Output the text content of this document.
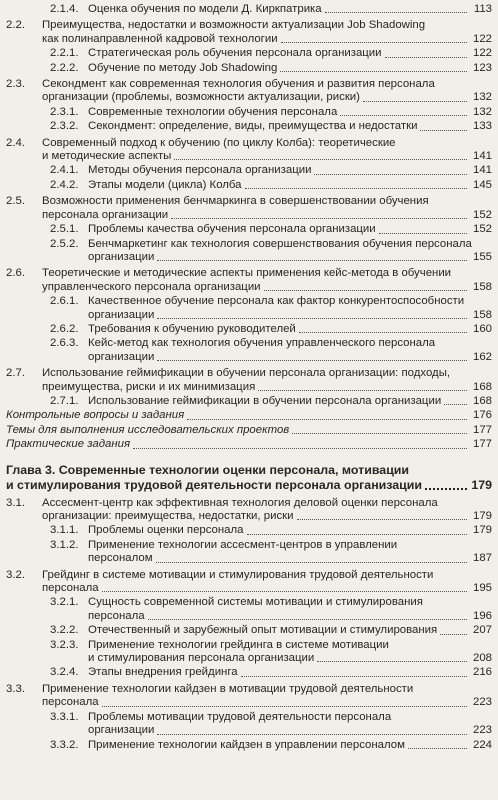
2.1.4. Оценка обучения по модели Д. Киркпатрика	113
2.2. Преимущества, недостатки и возможности актуализации Job Shadowing
как полинаправленной кадровой технологии	122
2.2.1. Стратегическая роль обучения персонала организации	122
2.2.2. Обучение по методу Job Shadowing	123
2.3. Секондмент как современная технология обучения и развития персонала
организации (проблемы, возможности актуализации, риски)	132
2.3.1. Современные технологии обучения персонала	132
2.3.2. Секондмент: определение, виды, преимущества и недостатки	133
2.4. Современный подход к обучению (по циклу Колба): теоретические
и методические аспекты	141
2.4.1. Методы обучения персонала организации	141
2.4.2. Этапы модели (цикла) Колба	145
2.5. Возможности применения бенчмаркинга в совершенствовании обучения
персонала организации	152
2.5.1. Проблемы качества обучения персонала организации	152
2.5.2. Бенчмаркетинг как технология совершенствования обучения персонала
организации	155
2.6. Теоретические и методические аспекты применения кейс-метода в обучении
управленческого персонала организации	158
2.6.1. Качественное обучение персонала как фактор конкурентоспособности
организации	158
2.6.2. Требования к обучению руководителей	160
2.6.3. Кейс-метод как технология обучения управленческого персонала
организации	162
2.7. Использование геймификации в обучении персонала организации: подходы,
преимущества, риски и их минимизация	168
2.7.1. Использование геймификации в обучении персонала организации	168
Контрольные вопросы и задания	176
Темы для выполнения исследовательских проектов	177
Практические задания	177
Глава 3. Современные технологии оценки персонала, мотивации
и стимулирования трудовой деятельности персонала организации	179
3.1. Ассесмент-центр как эффективная технология деловой оценки персонала
организации: преимущества, недостатки, риски	179
3.1.1. Проблемы оценки персонала	179
3.1.2. Применение технологии ассесмент-центров в управлении
персоналом	187
3.2. Грейдинг в системе мотивации и стимулирования трудовой деятельности
персонала	195
3.2.1. Сущность современной системы мотивации и стимулирования
персонала	196
3.2.2. Отечественный и зарубежный опыт мотивации и стимулирования	207
3.2.3. Применение технологии грейдинга в системе мотивации
и стимулирования персонала организации	208
3.2.4. Этапы внедрения грейдинга	216
3.3. Применение технологии кайдзен в мотивации трудовой деятельности
персонала	223
3.3.1. Проблемы мотивации трудовой деятельности персонала
организации	223
3.3.2. Применение технологии кайдзен в управлении персоналом	224
